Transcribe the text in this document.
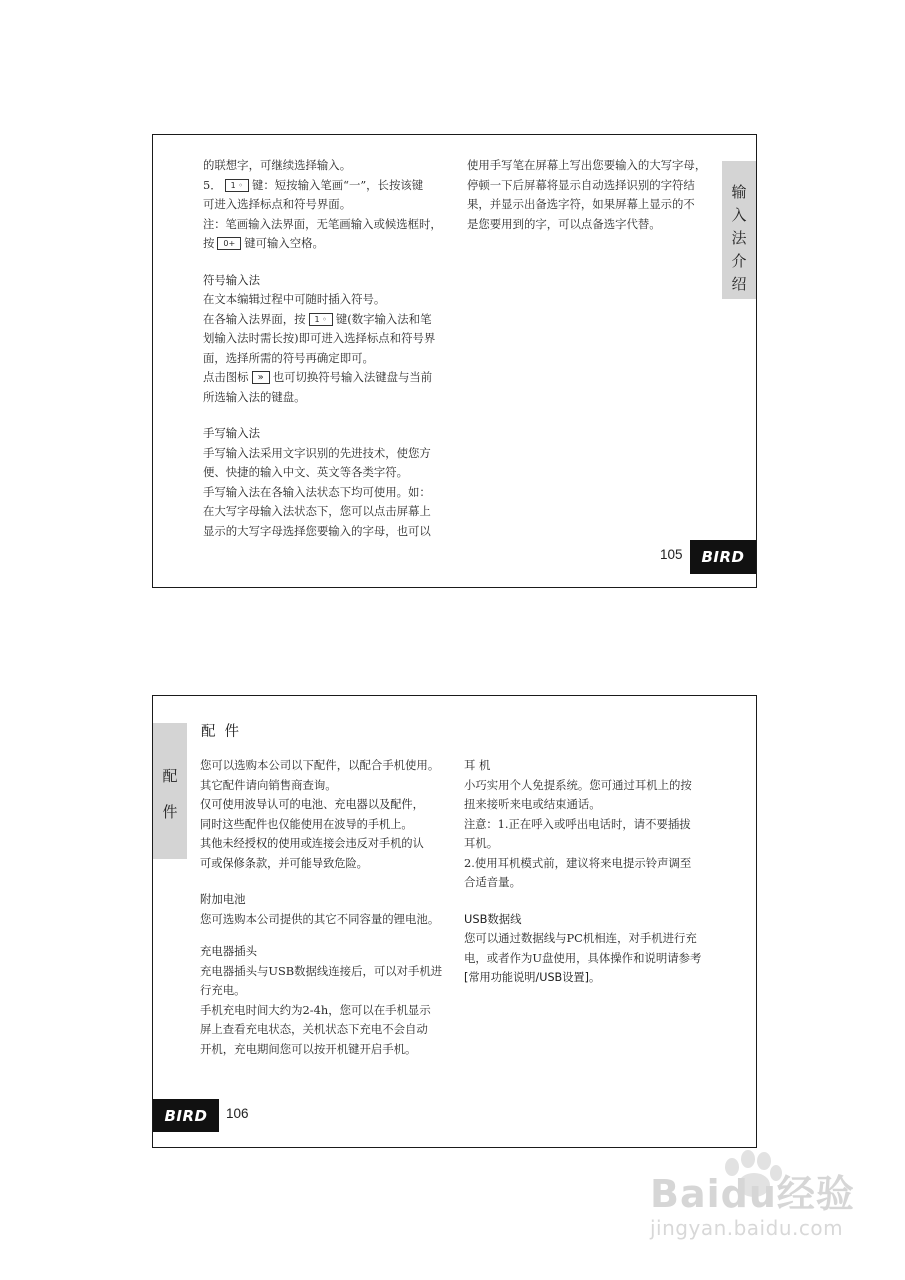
的联想字，可继续选择输入。

5． 1 ◦ 键：短按输入笔画“一”，长按该键

可进入选择标点和符号界面。

注：笔画输入法界面，无笔画输入或候选框时，

按 0+ 键可输入空格。

符号输入法

在文本编辑过程中可随时插入符号。

在各输入法界面，按 1 ◦ 键(数字输入法和笔

划输入法时需长按)即可进入选择标点和符号界

面，选择所需的符号再确定即可。

点击图标 » 也可切换符号输入法键盘与当前

所选输入法的键盘。

手写输入法

手写输入法采用文字识别的先进技术，使您方

便、快捷的输入中文、英文等各类字符。

手写输入法在各输入法状态下均可使用。如：

在大写字母输入法状态下，您可以点击屏幕上

显示的大写字母选择您要输入的字母，也可以

使用手写笔在屏幕上写出您要输入的大写字母，

停顿一下后屏幕将显示自动选择识别的字符结

果，并显示出备选字符，如果屏幕上显示的不

是您要用到的字，可以点备选字代替。

输
入
法
介
绍
105	BIRD
配件
配
件

您可以选购本公司以下配件，以配合手机使用。

其它配件请向销售商查询。

仅可使用波导认可的电池、充电器以及配件，

同时这些配件也仅能使用在波导的手机上。

其他未经授权的使用或连接会违反对手机的认

可或保修条款，并可能导致危险。

附加电池

您可选购本公司提供的其它不同容量的锂电池。

充电器插头

充电器插头与USB数据线连接后，可以对手机进

行充电。

手机充电时间大约为2-4h，您可以在手机显示

屏上查看充电状态，关机状态下充电不会自动

开机，充电期间您可以按开机键开启手机。

耳 机

小巧实用个人免提系统。您可通过耳机上的按

扭来接听来电或结束通话。

注意：1.正在呼入或呼出电话时，请不要插拔

耳机。

2.使用耳机模式前，建议将来电提示铃声调至

合适音量。

USB数据线

您可以通过数据线与PC机相连，对手机进行充

电，或者作为U盘使用，具体操作和说明请参考

[常用功能说明/USB设置]。

BIRD	106
Baidu经验
jingyan.baidu.com
